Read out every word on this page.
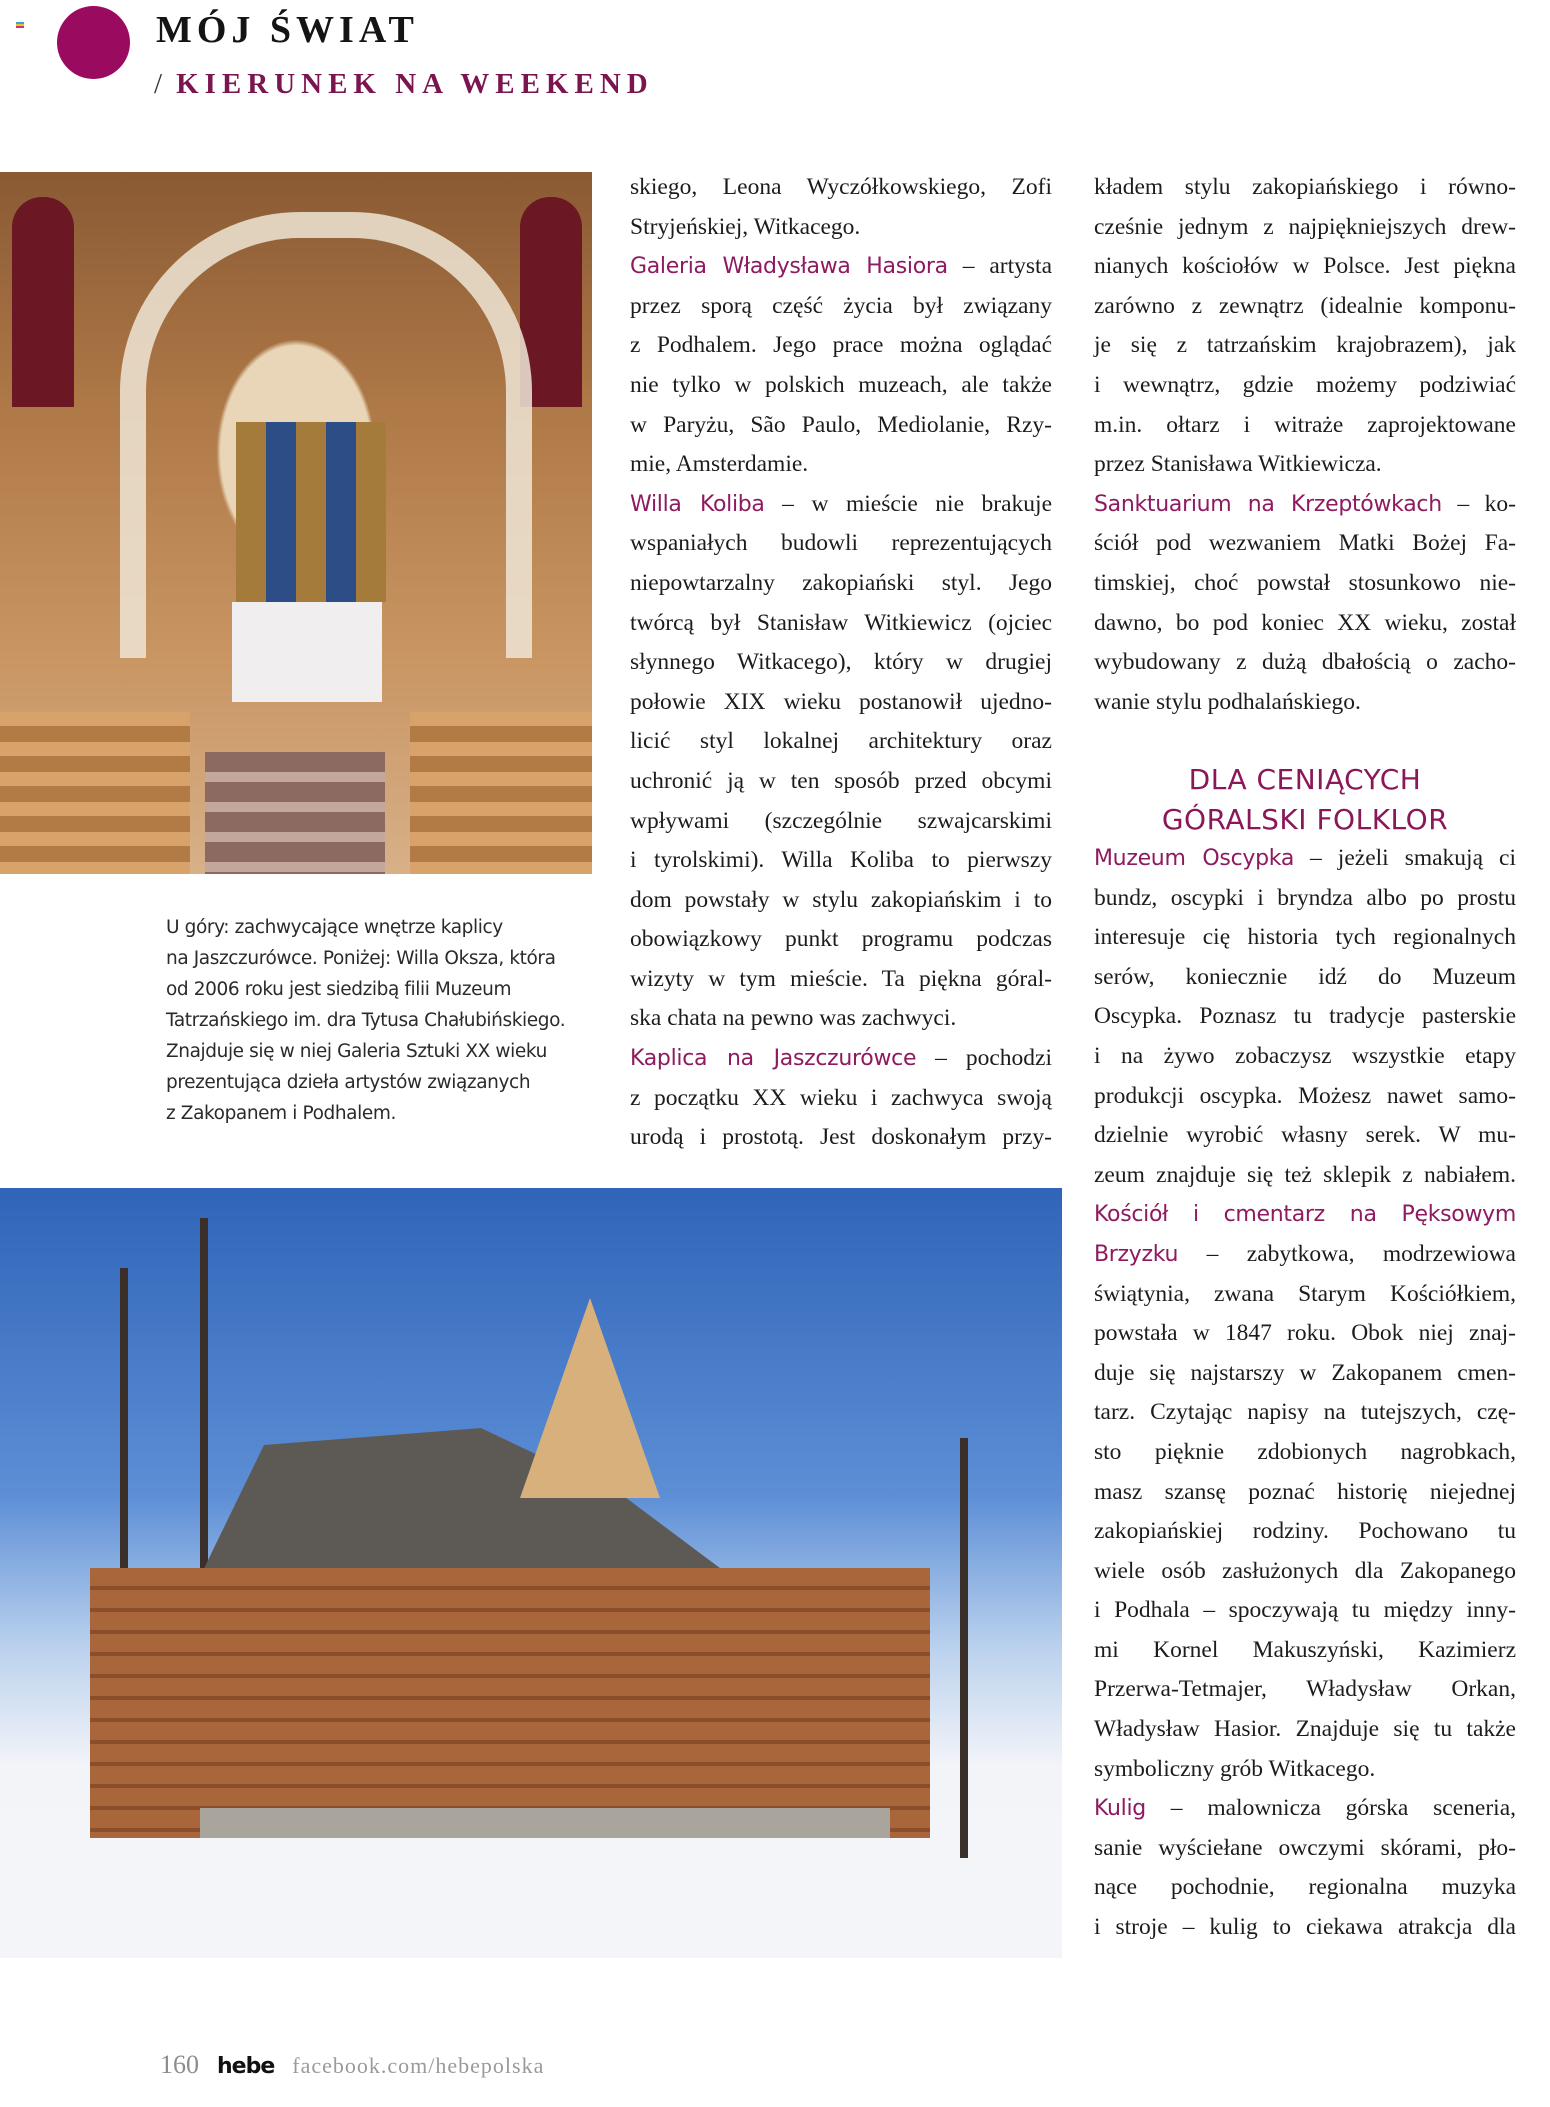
MÓJ ŚWIAT
/ KIERUNEK NA WEEKEND
U góry: zachwycające wnętrze kaplicy
na Jaszczurówce. Poniżej: Willa Oksza, która
od 2006 roku jest siedzibą filii Muzeum
Tatrzańskiego im. dra Tytusa Chałubińskiego.
Znajduje się w niej Galeria Sztuki XX wieku
prezentująca dzieła artystów związanych
z Zakopanem i Podhalem.
skiego, Leona Wyczółkowskiego, Zofi
Stryjeńskiej, Witkacego.
Galeria Władysława Hasiora – artysta
przez sporą część życia był związany
z Podhalem. Jego prace można oglądać
nie tylko w polskich muzeach, ale także
w Paryżu, São Paulo, Mediolanie, Rzy-
mie, Amsterdamie.
Willa Koliba – w mieście nie brakuje
wspaniałych budowli reprezentujących
niepowtarzalny zakopiański styl. Jego
twórcą był Stanisław Witkiewicz (ojciec
słynnego Witkacego), który w drugiej
połowie XIX wieku postanowił ujedno-
licić styl lokalnej architektury oraz
uchronić ją w ten sposób przed obcymi
wpływami (szczególnie szwajcarskimi
i tyrolskimi). Willa Koliba to pierwszy
dom powstały w stylu zakopiańskim i to
obowiązkowy punkt programu podczas
wizyty w tym mieście. Ta piękna góral-
ska chata na pewno was zachwyci.
Kaplica na Jaszczurówce – pochodzi
z początku XX wieku i zachwyca swoją
urodą i prostotą. Jest doskonałym przy-
kładem stylu zakopiańskiego i równo-
cześnie jednym z najpiękniejszych drew-
nianych kościołów w Polsce. Jest piękna
zarówno z zewnątrz (idealnie komponu-
je się z tatrzańskim krajobrazem), jak
i wewnątrz, gdzie możemy podziwiać
m.in. ołtarz i witraże zaprojektowane
przez Stanisława Witkiewicza.
Sanktuarium na Krzeptówkach – ko-
ściół pod wezwaniem Matki Bożej Fa-
timskiej, choć powstał stosunkowo nie-
dawno, bo pod koniec XX wieku, został
wybudowany z dużą dbałością o zacho-
wanie stylu podhalańskiego.
DLA CENIĄCYCH
GÓRALSKI FOLKLOR
Muzeum Oscypka – jeżeli smakują ci
bundz, oscypki i bryndza albo po prostu
interesuje cię historia tych regionalnych
serów, koniecznie idź do Muzeum
Oscypka. Poznasz tu tradycje pasterskie
i na żywo zobaczysz wszystkie etapy
produkcji oscypka. Możesz nawet samo-
dzielnie wyrobić własny serek. W mu-
zeum znajduje się też sklepik z nabiałem.
Kościół i cmentarz na Pęksowym
Brzyzku – zabytkowa, modrzewiowa
świątynia, zwana Starym Kościółkiem,
powstała w 1847 roku. Obok niej znaj-
duje się najstarszy w Zakopanem cmen-
tarz. Czytając napisy na tutejszych, czę-
sto pięknie zdobionych nagrobkach,
masz szansę poznać historię niejednej
zakopiańskiej rodziny. Pochowano tu
wiele osób zasłużonych dla Zakopanego
i Podhala – spoczywają tu między inny-
mi Kornel Makuszyński, Kazimierz
Przerwa-Tetmajer, Władysław Orkan,
Władysław Hasior. Znajduje się tu także
symboliczny grób Witkacego.
Kulig – malownicza górska sceneria,
sanie wyściełane owczymi skórami, pło-
nące pochodnie, regionalna muzyka
i stroje – kulig to ciekawa atrakcja dla
160 hebe facebook.com/hebepolska
